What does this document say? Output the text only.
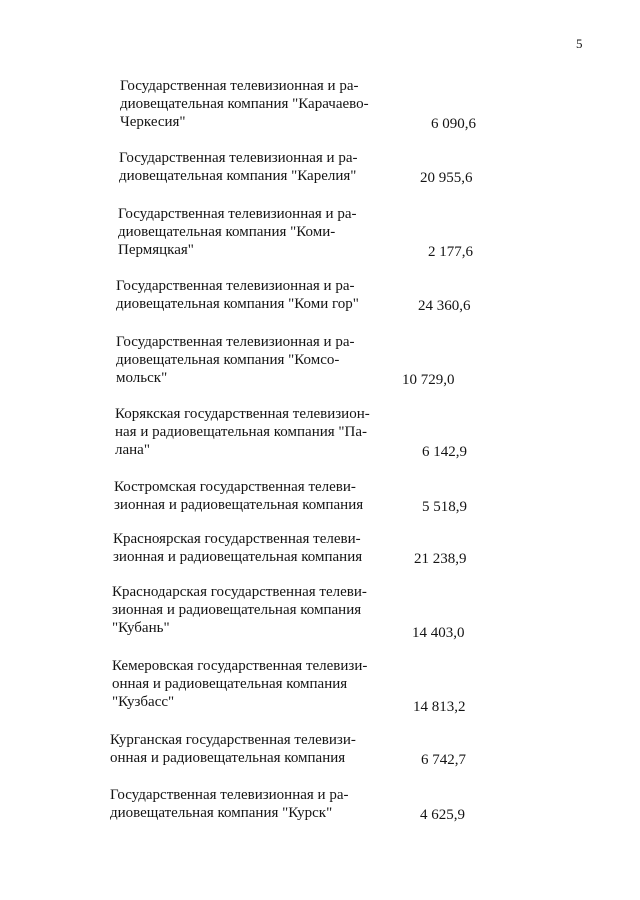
5
Государственная телевизионная и ра-
диовещательная компания "Карачаево-
Черкесия"	6 090,6
Государственная телевизионная и ра-
диовещательная компания "Карелия"	20 955,6
Государственная телевизионная и ра-
диовещательная компания "Коми-
Пермяцкая"	2 177,6
Государственная телевизионная и ра-
диовещательная компания "Коми гор"	24 360,6
Государственная телевизионная и ра-
диовещательная компания "Комсо-
мольск"	10 729,0
Корякская государственная телевизион-
ная и радиовещательная компания "Па-
лана"	6 142,9
Костромская государственная телеви-
зионная и радиовещательная компания	5 518,9
Красноярская государственная телеви-
зионная и радиовещательная компания	21 238,9
Краснодарская государственная телеви-
зионная и радиовещательная компания
"Кубань"	14 403,0
Кемеровская государственная телевизи-
онная и радиовещательная компания
"Кузбасс"	14 813,2
Курганская государственная телевизи-
онная и радиовещательная компания	6 742,7
Государственная телевизионная и ра-
диовещательная компания "Курск"	4 625,9
